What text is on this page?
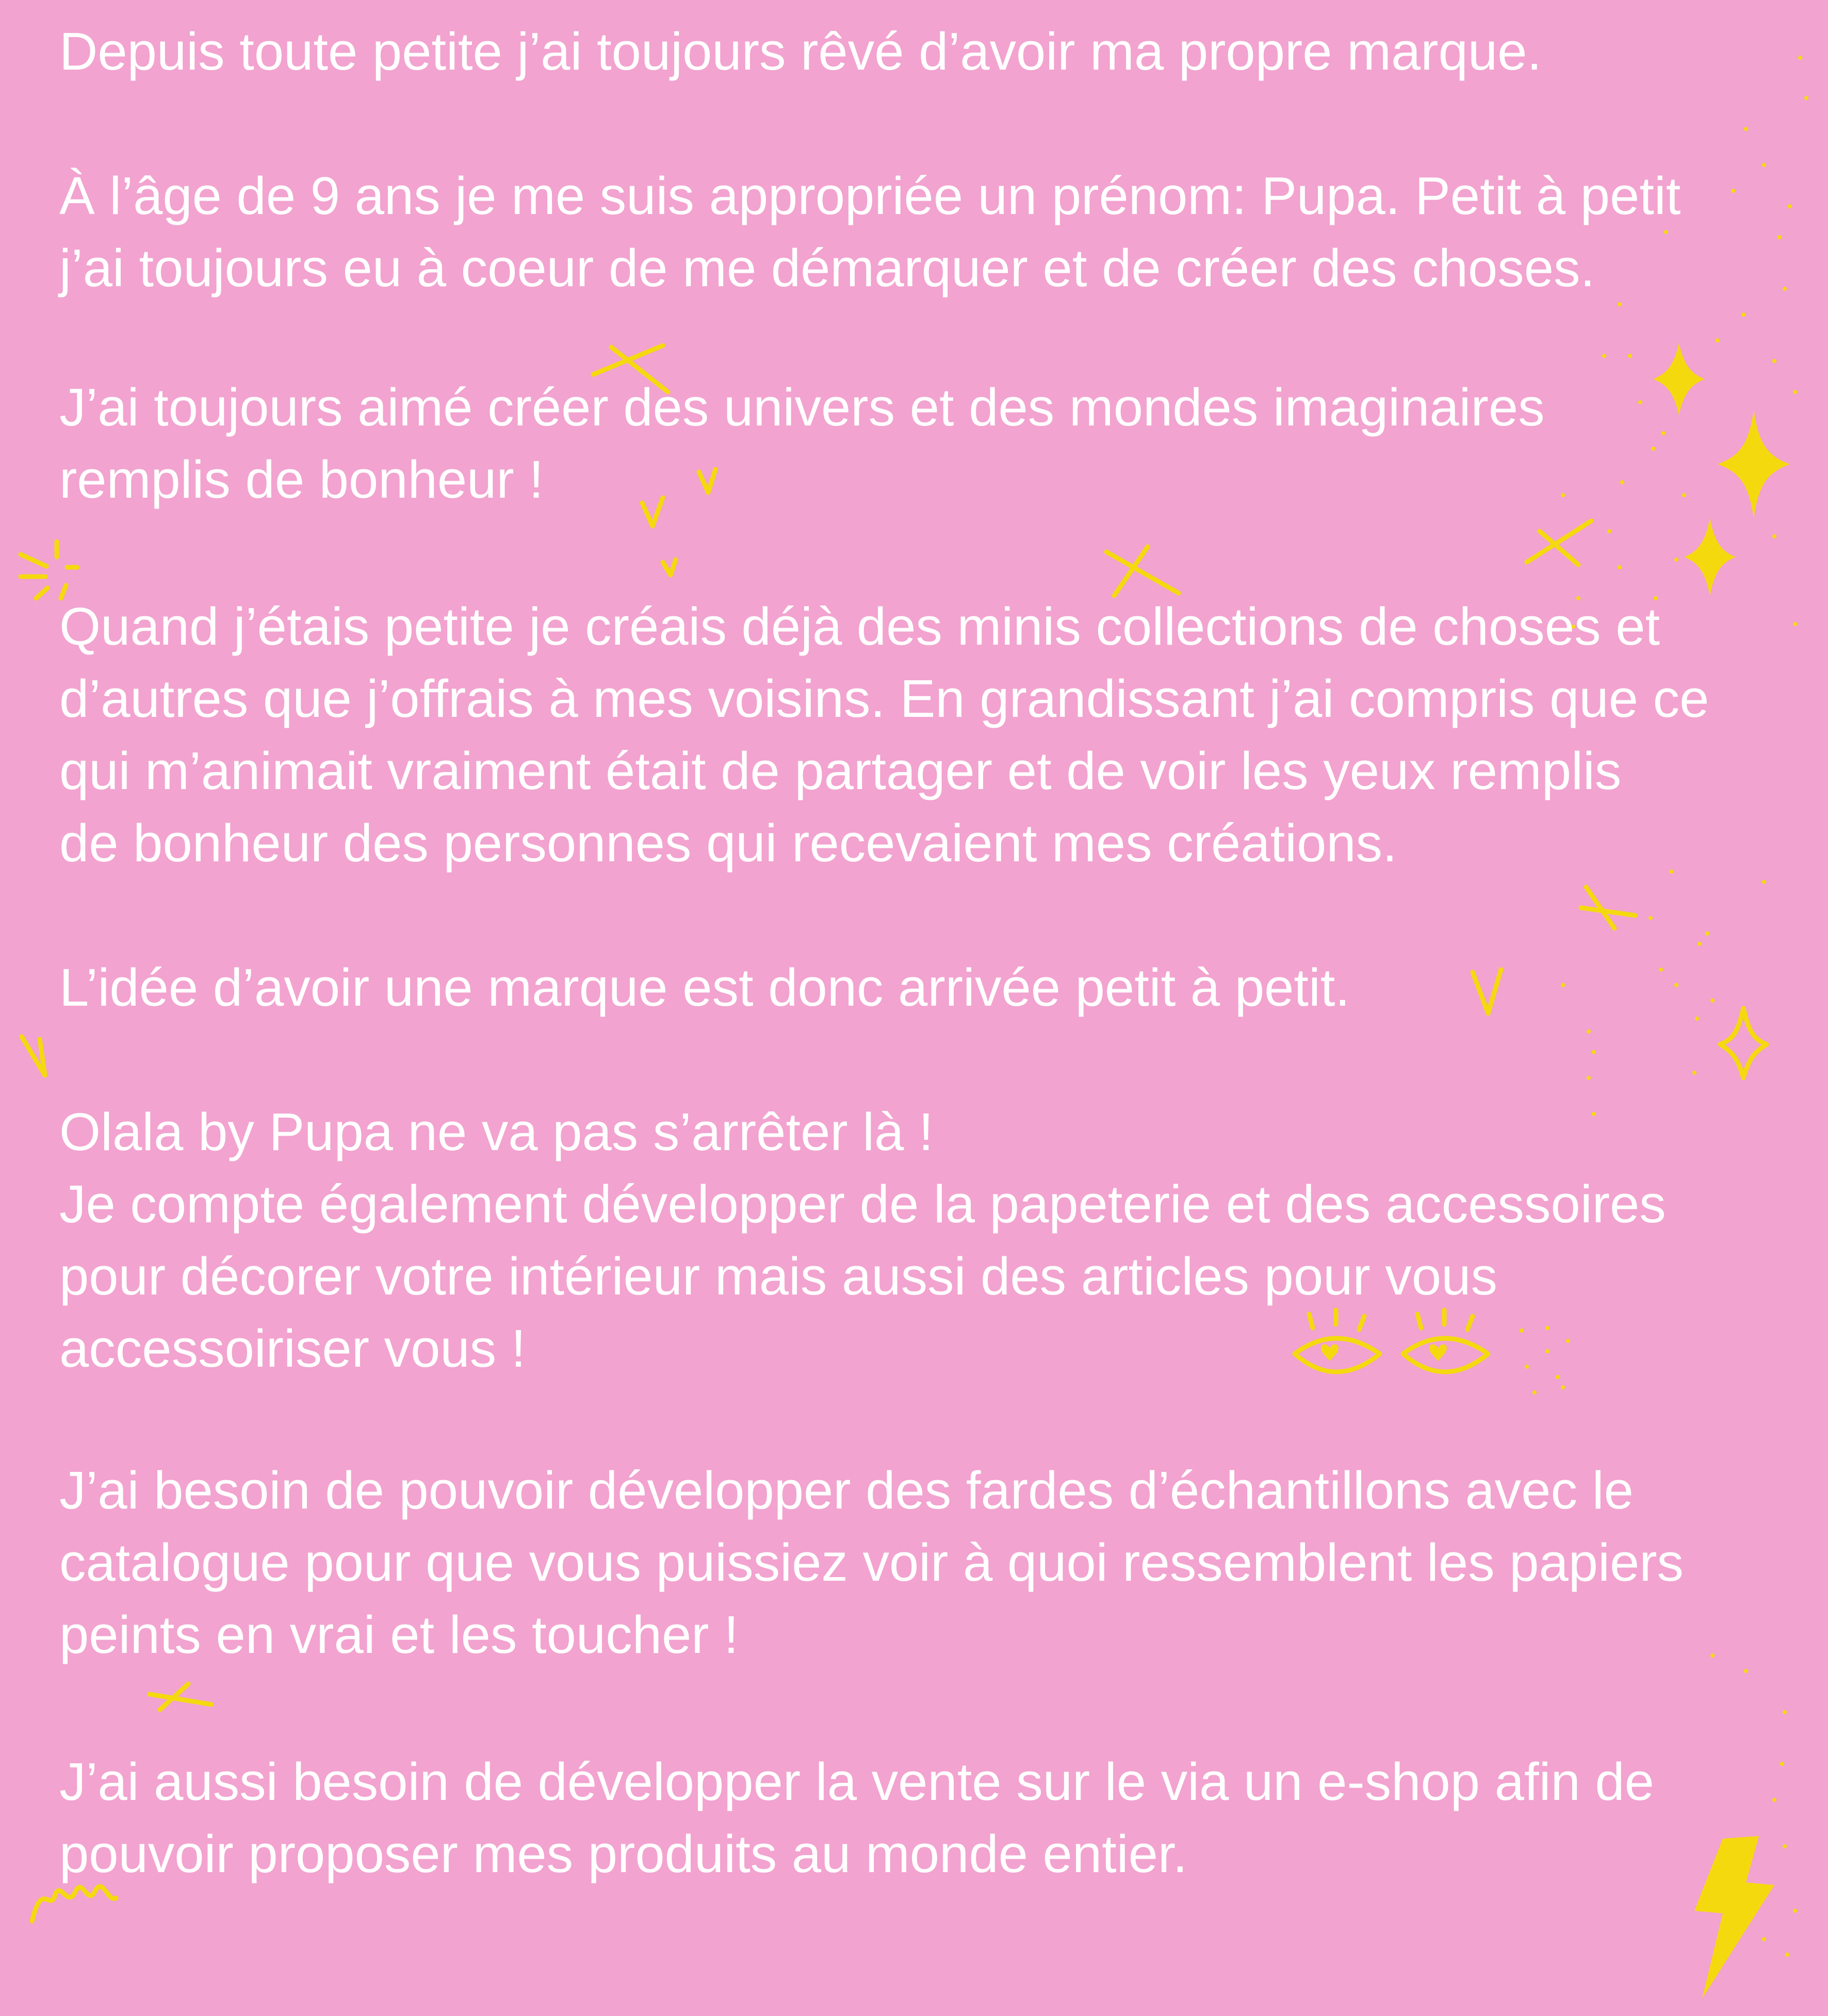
Depuis toute petite j’ai toujours rêvé d’avoir ma propre marque.

À l’âge de 9 ans je me suis appropriée un prénom: Pupa. Petit à petit

j’ai toujours eu à coeur de me démarquer et de créer des choses.

J’ai toujours aimé créer des univers et des mondes imaginaires

remplis de bonheur !

Quand j’étais petite je créais déjà des minis collections de choses et

d’autres que j’offrais à mes voisins. En grandissant j’ai compris que ce

qui m’animait vraiment était de partager et de voir les yeux remplis

de bonheur des personnes qui recevaient mes créations.

L’idée d’avoir une marque est donc arrivée petit à petit.

Olala by Pupa ne va pas s’arrêter là !

Je compte également développer de la papeterie et des accessoires

pour décorer votre intérieur mais aussi des articles pour vous

accessoiriser vous !

J’ai besoin de pouvoir développer des fardes d’échantillons avec le

catalogue pour que vous puissiez voir à quoi ressemblent les papiers

peints en vrai et les toucher !

J’ai aussi besoin de développer la vente sur le via un e-shop afin de

pouvoir proposer mes produits au monde entier.
